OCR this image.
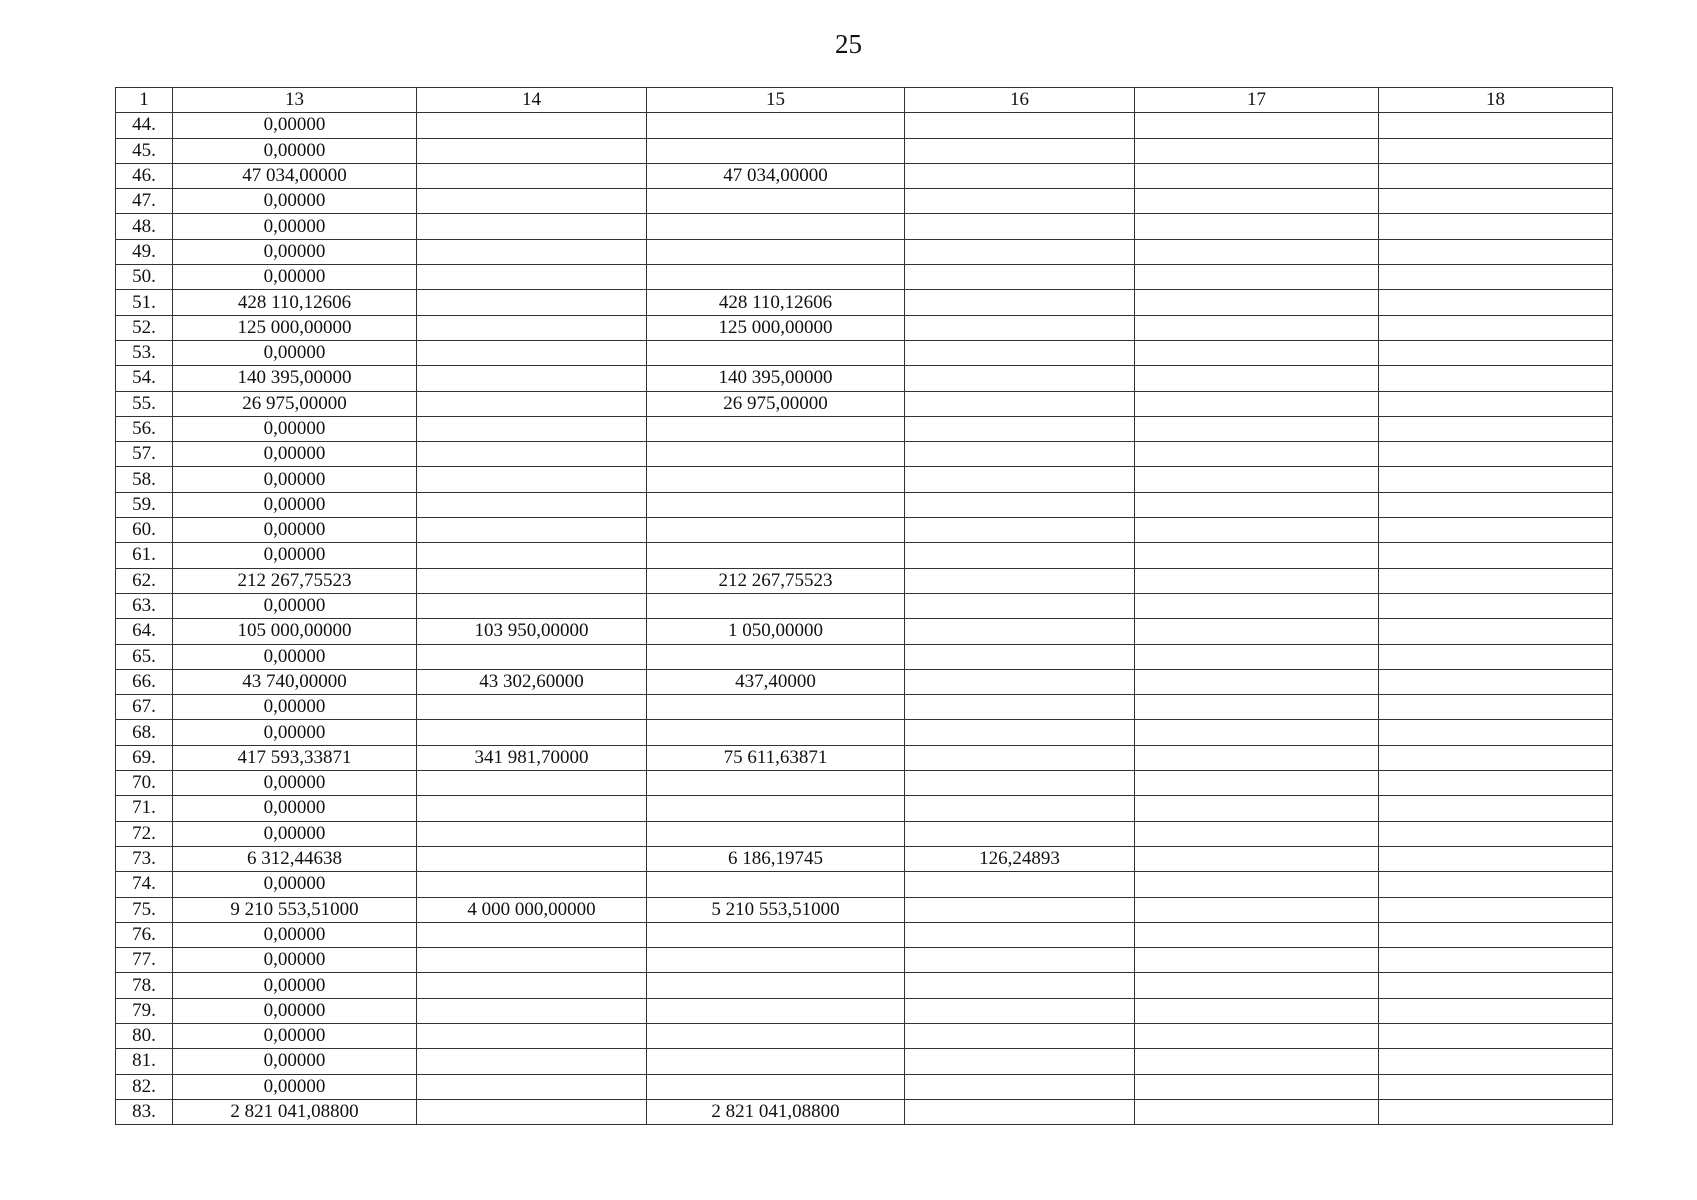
25
1	13	14	15	16	17	18
44.	0,00000					
45.	0,00000					
46.	47 034,00000		47 034,00000			
47.	0,00000					
48.	0,00000					
49.	0,00000					
50.	0,00000					
51.	428 110,12606		428 110,12606			
52.	125 000,00000		125 000,00000			
53.	0,00000					
54.	140 395,00000		140 395,00000			
55.	26 975,00000		26 975,00000			
56.	0,00000					
57.	0,00000					
58.	0,00000					
59.	0,00000					
60.	0,00000					
61.	0,00000					
62.	212 267,75523		212 267,75523			
63.	0,00000					
64.	105 000,00000	103 950,00000	1 050,00000			
65.	0,00000					
66.	43 740,00000	43 302,60000	437,40000			
67.	0,00000					
68.	0,00000					
69.	417 593,33871	341 981,70000	75 611,63871			
70.	0,00000					
71.	0,00000					
72.	0,00000					
73.	6 312,44638		6 186,19745	126,24893		
74.	0,00000					
75.	9 210 553,51000	4 000 000,00000	5 210 553,51000			
76.	0,00000					
77.	0,00000					
78.	0,00000					
79.	0,00000					
80.	0,00000					
81.	0,00000					
82.	0,00000					
83.	2 821 041,08800		2 821 041,08800			
